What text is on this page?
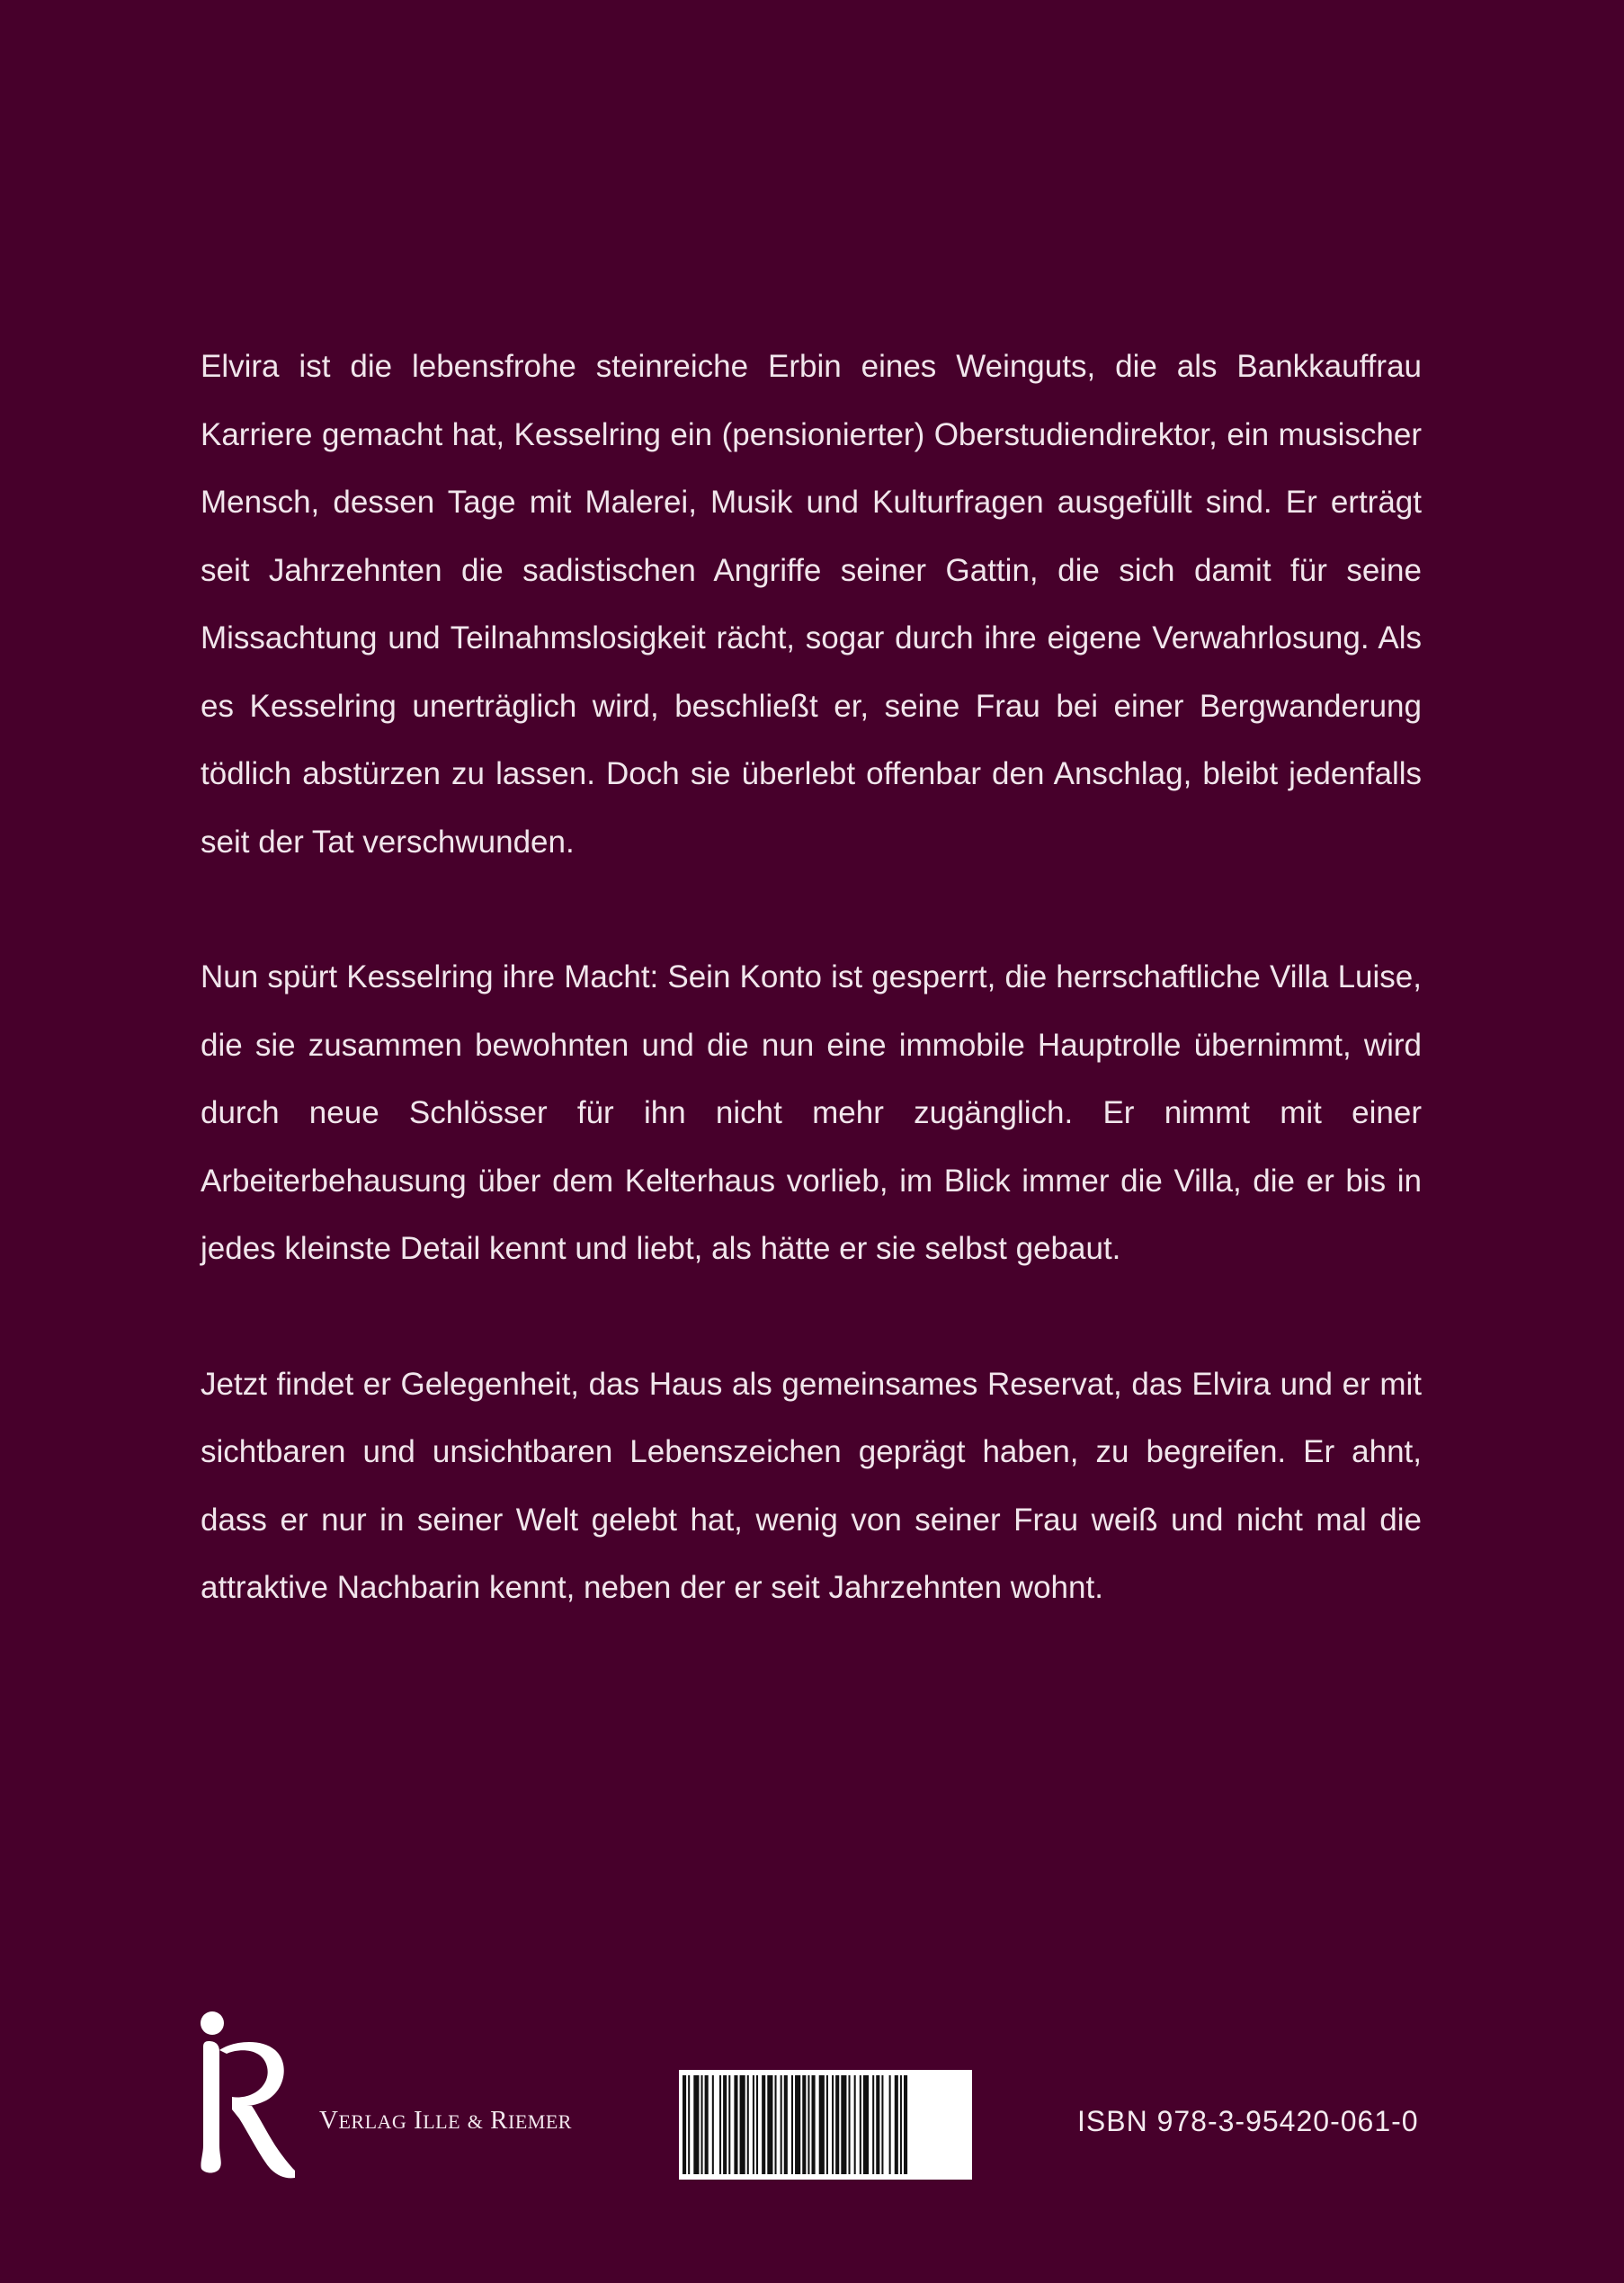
Elvira ist die lebensfrohe steinreiche Erbin eines Weinguts, die als Bankkauffrau Karriere gemacht hat, Kesselring ein (pensionierter) Oberstudiendirektor, ein musischer Mensch, dessen Tage mit Malerei, Musik und Kulturfragen ausgefüllt sind. Er erträgt seit Jahrzehnten die sadistischen Angriffe seiner Gattin, die sich damit für seine Missachtung und Teilnahmslosigkeit rächt, sogar durch ihre eigene Verwahrlosung. Als es Kesselring unerträglich wird, beschließt er, seine Frau bei einer Bergwanderung tödlich abstürzen zu lassen. Doch sie überlebt offenbar den Anschlag, bleibt jedenfalls seit der Tat verschwunden.

Nun spürt Kesselring ihre Macht: Sein Konto ist gesperrt, die herrschaftliche Villa Luise, die sie zusammen bewohnten und die nun eine immobile Hauptrolle übernimmt, wird durch neue Schlösser für ihn nicht mehr zugänglich. Er nimmt mit einer Arbeiterbehausung über dem Kelterhaus vorlieb, im Blick immer die Villa, die er bis in jedes kleinste Detail kennt und liebt, als hätte er sie selbst gebaut.

Jetzt findet er Gelegenheit, das Haus als gemeinsames Reservat, das Elvira und er mit sichtbaren und unsichtbaren Lebenszeichen geprägt haben, zu begreifen. Er ahnt, dass er nur in seiner Welt gelebt hat, wenig von seiner Frau weiß und nicht mal die attraktive Nachbarin kennt, neben der er seit Jahrzehnten wohnt.

VERLAG ILLE & RIEMER	ISBN 978-3-95420-061-0
